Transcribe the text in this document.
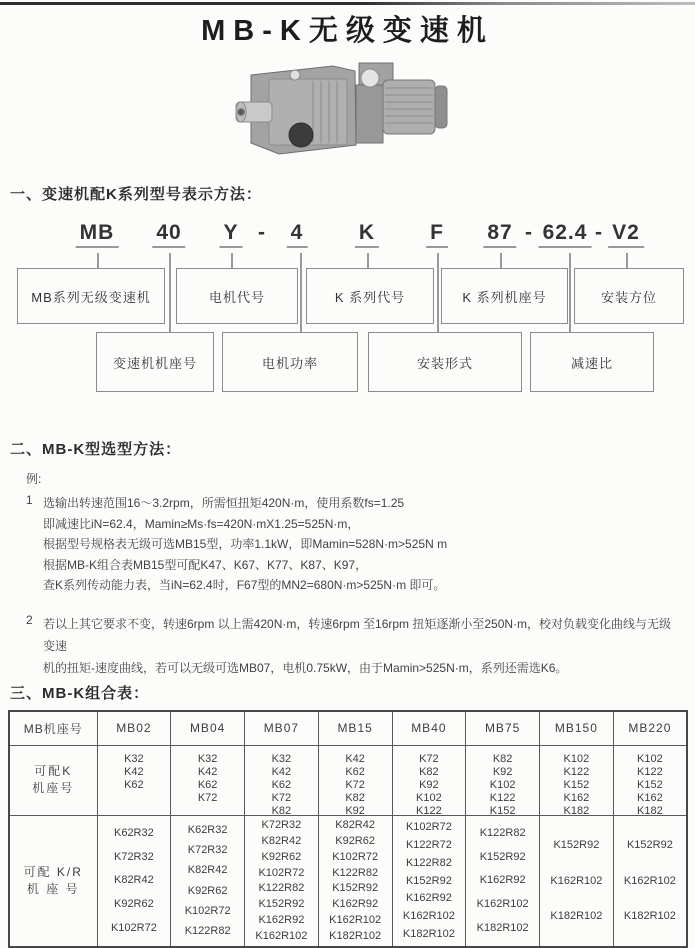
MB-K无级变速机
一、变速机配K系列型号表示方法：
MB 40 Y - 4	K	F 87 - 62.4 - V2
MB系列无级变速机	电机代号	K 系列代号	K 系列机座号	安装方位
变速机机座号	电机功率	安装形式	减速比
二、MB-K型选型方法：
例:
1 选输出转速范围16～3.2rpm，所需恒扭矩420N·m，使用系数fs=1.25
即减速比iN=62.4，Mamin≥Ms·fs=420N·mX1.25=525N·m，
根据型号规格表无级可选MB15型，功率1.1kW，即Mamin=528N·m>525N m
根据MB-K组合表MB15型可配K47、K67、K77、K87、K97，
查K系列传动能力表，当iN=62.4时，F67型的MN2=680N·m>525N·m 即可。
2 若以上其它要求不变，转速6rpm 以上需420N·m，转速6rpm 至16rpm 扭矩逐渐小至250N·m，校对负载变化曲线与无级变速
机的扭矩-速度曲线，若可以无级可选MB07，电机0.75kW，由于Mamin>525N·m，系列还需选K6。
三、MB-K组合表：
MB机座号	MB02	MB04	MB07	MB15	MB40	MB75	MB150	MB220

可配K
机座号

K32
K42
K62

K32
K42
K62
K72

K32
K42
K62
K72
K82

K42
K62
K72
K82
K92

K72
K82
K92
K102
K122

K82
K92
K102
K122
K152

K102
K122
K152
K162
K182

K102
K122
K152
K162
K182

可配 K/R
机 座 号

K62R32
K72R32
K82R42
K92R62
K102R72

K62R32
K72R32
K82R42
K92R62
K102R72
K122R82

K72R32
K82R42
K92R62
K102R72
K122R82
K152R92
K162R92
K162R102

K82R42
K92R62
K102R72
K122R82
K152R92
K162R92
K162R102
K182R102

K102R72
K122R72
K122R82
K152R92
K162R92
K162R102
K182R102

K122R82
K152R92
K162R92
K162R102
K182R102

K152R92
K162R102
K182R102

K152R92
K162R102
K182R102
